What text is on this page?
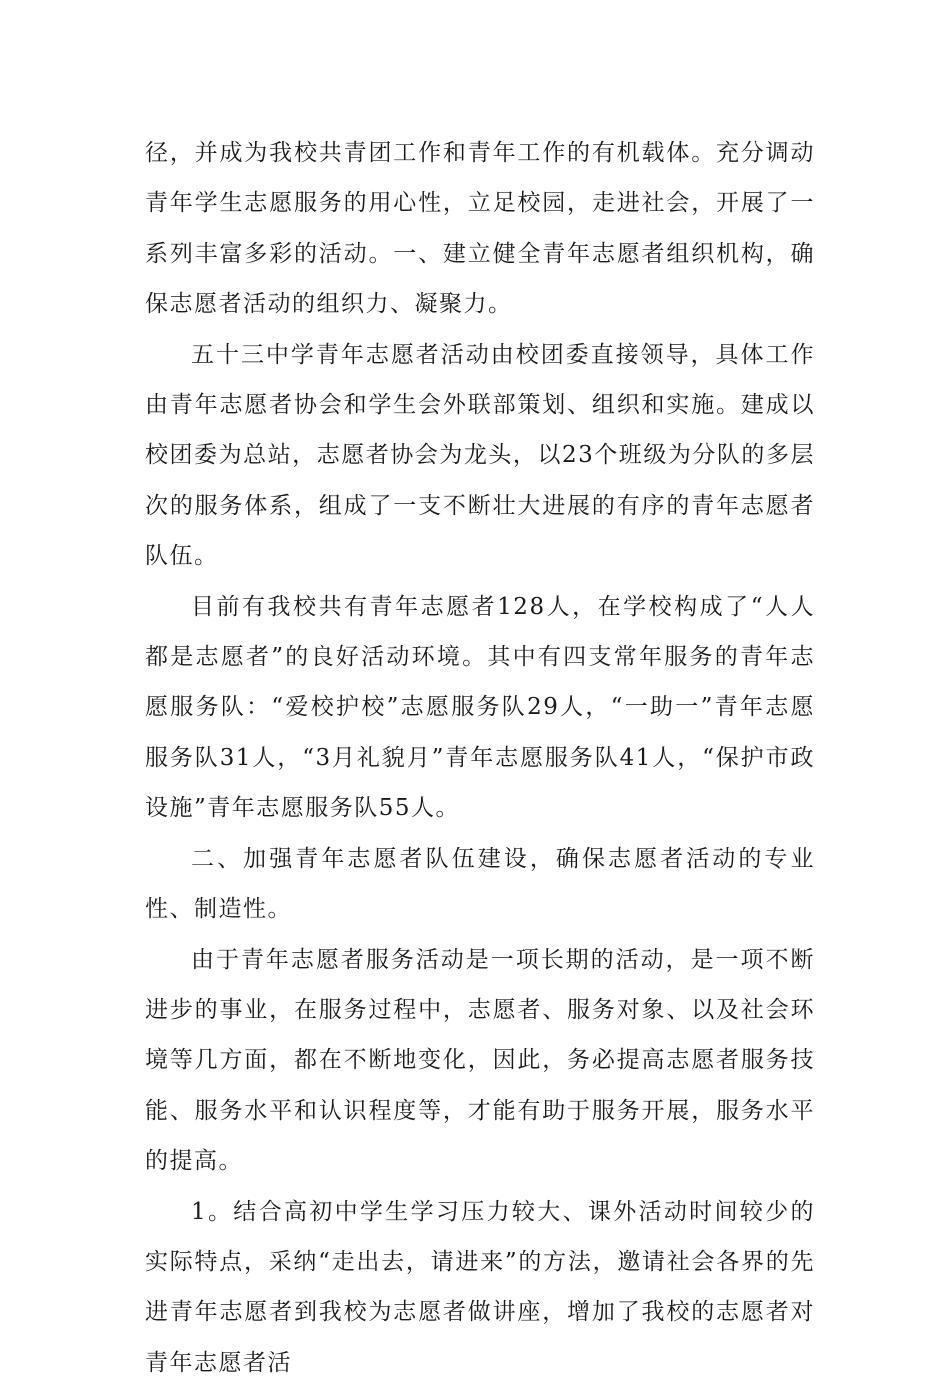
径，并成为我校共青团工作和青年工作的有机载体。充分调动青年学生志愿服务的用心性，立足校园，走进社会，开展了一系列丰富多彩的活动。一、建立健全青年志愿者组织机构，确保志愿者活动的组织力、凝聚力。

五十三中学青年志愿者活动由校团委直接领导，具体工作由青年志愿者协会和学生会外联部策划、组织和实施。建成以校团委为总站，志愿者协会为龙头，以23个班级为分队的多层次的服务体系，组成了一支不断壮大进展的有序的青年志愿者队伍。

目前有我校共有青年志愿者128人，在学校构成了“人人都是志愿者”的良好活动环境。其中有四支常年服务的青年志愿服务队：“爱校护校”志愿服务队29人，“一助一”青年志愿服务队31人，“3月礼貌月”青年志愿服务队41人，“保护市政设施”青年志愿服务队55人。

二、加强青年志愿者队伍建设，确保志愿者活动的专业性、制造性。

由于青年志愿者服务活动是一项长期的活动，是一项不断进步的事业，在服务过程中，志愿者、服务对象、以及社会环境等几方面，都在不断地变化，因此，务必提高志愿者服务技能、服务水平和认识程度等，才能有助于服务开展，服务水平的提高。

1。结合高初中学生学习压力较大、课外活动时间较少的实际特点，采纳“走出去，请进来”的方法，邀请社会各界的先进青年志愿者到我校为志愿者做讲座，增加了我校的志愿者对青年志愿者活
